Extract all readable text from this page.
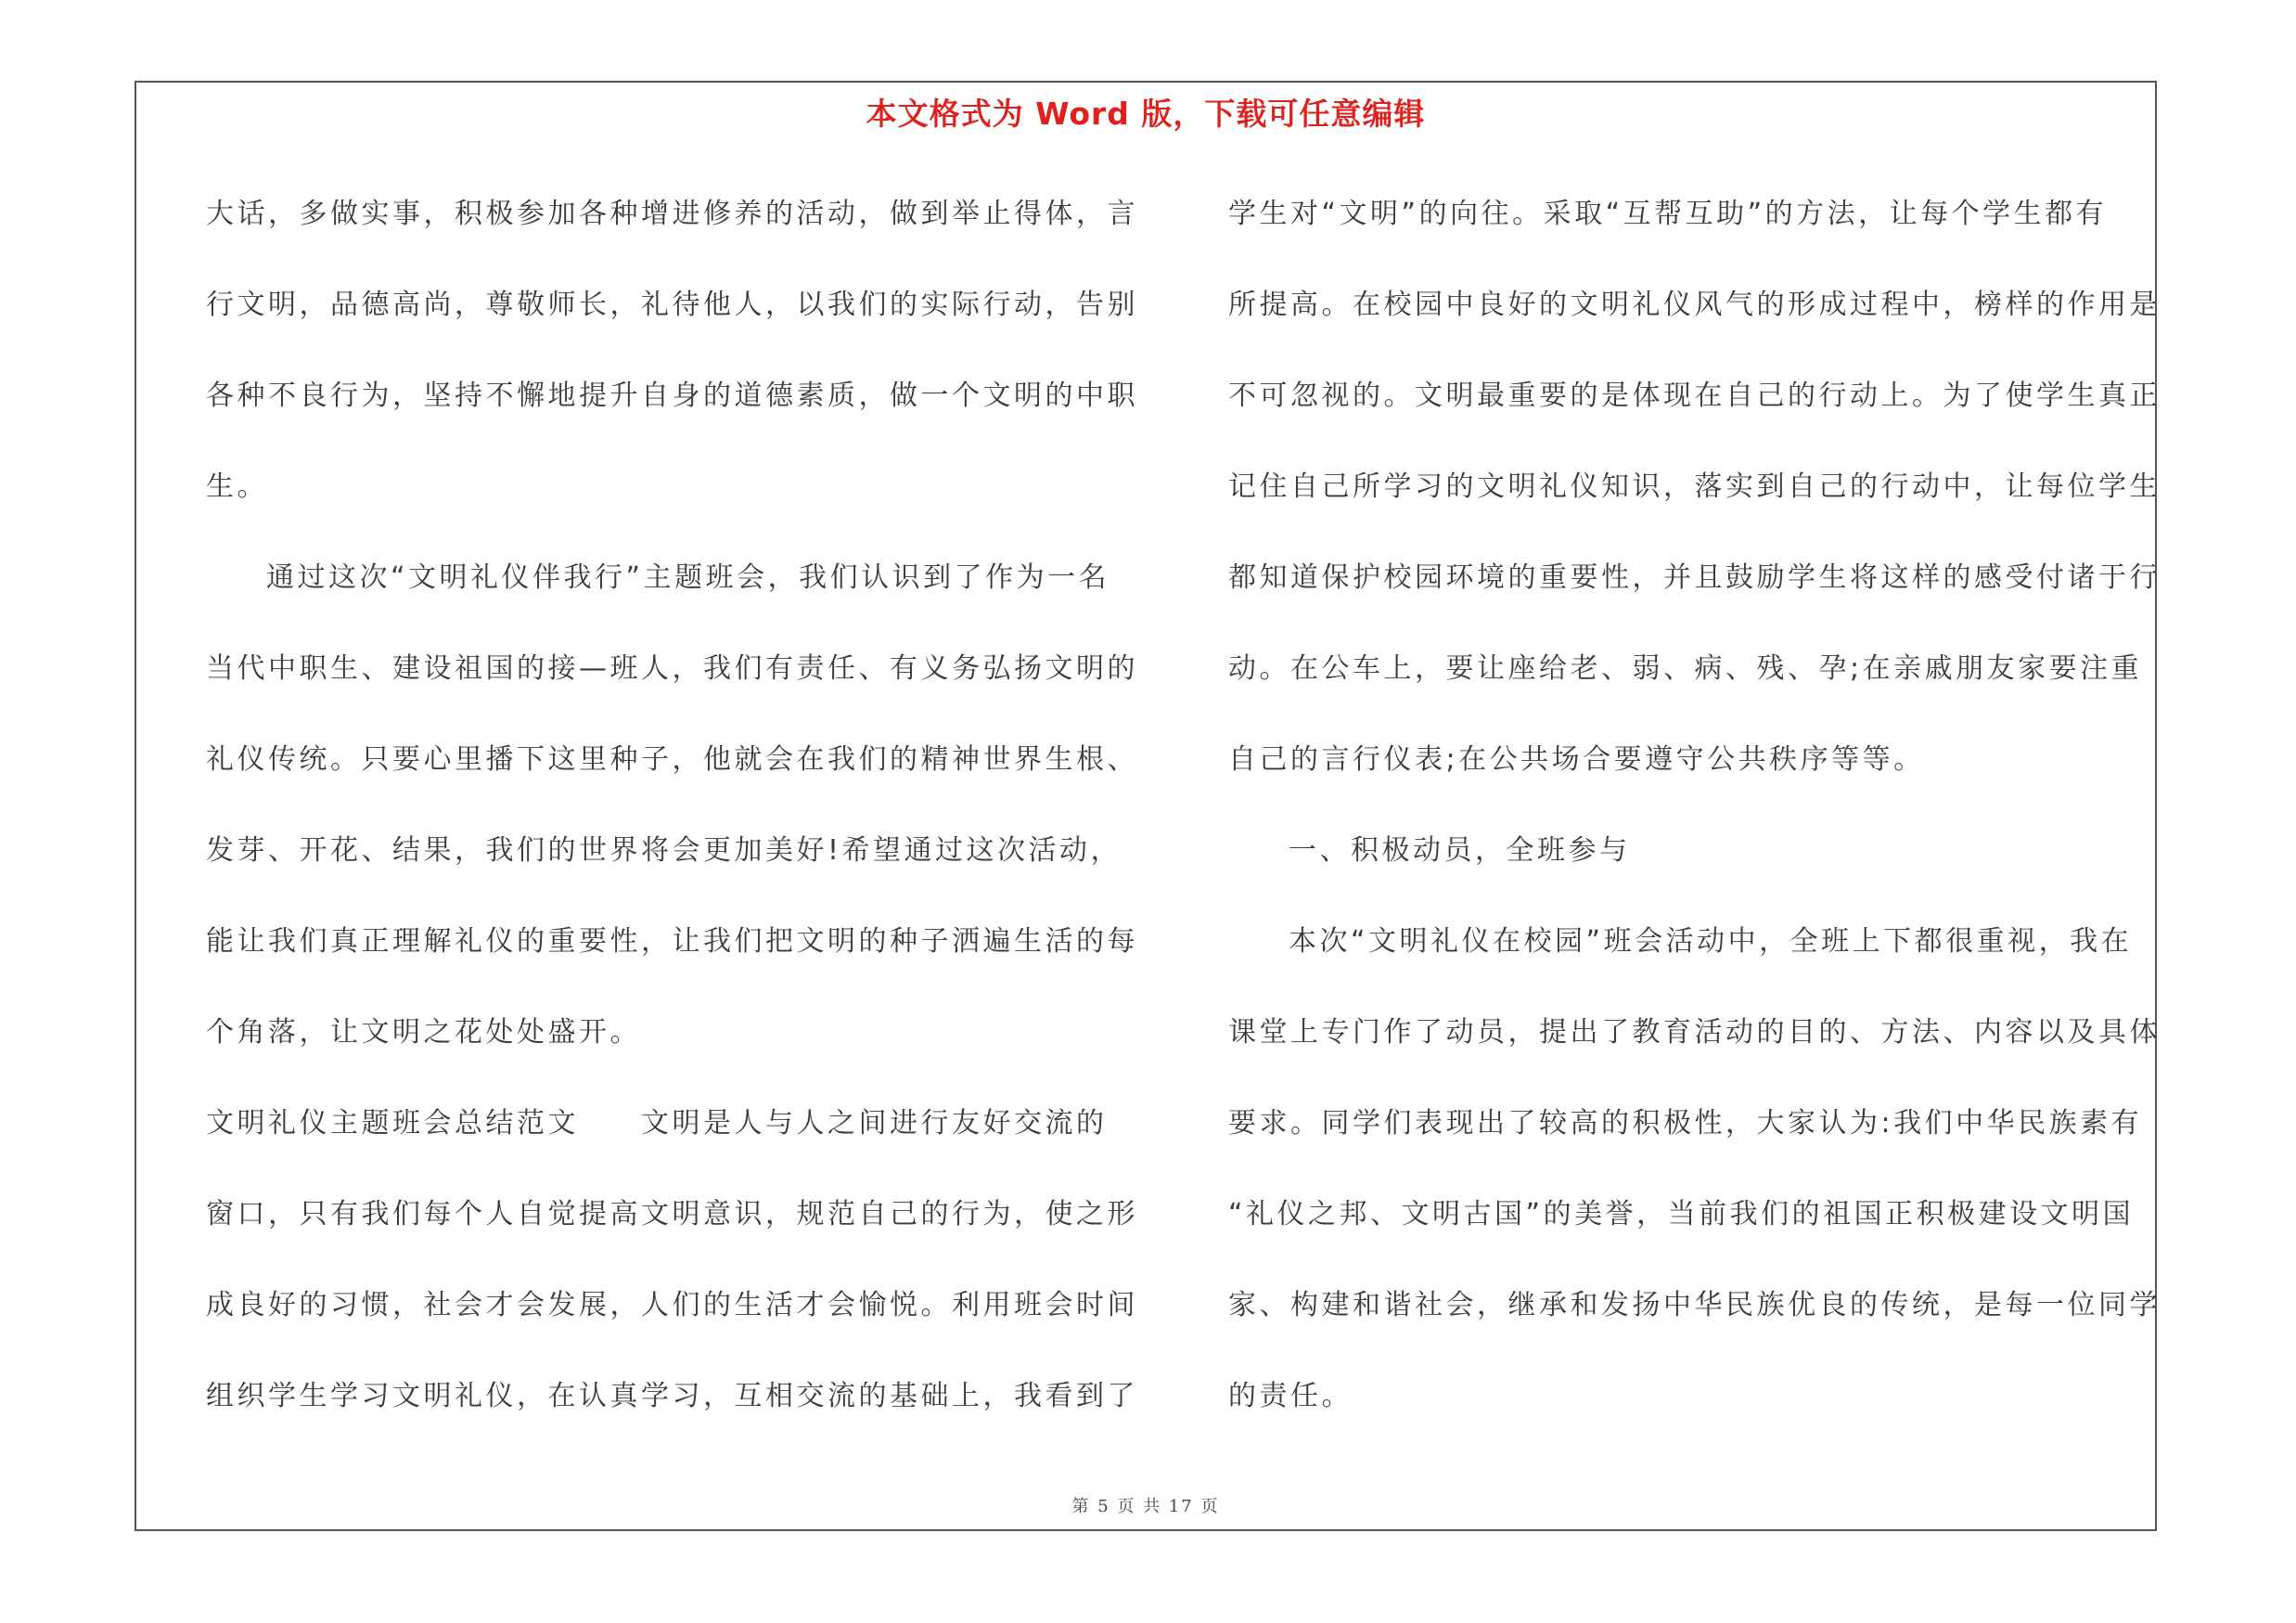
本文格式为 Word 版，下载可任意编辑
大话，多做实事，积极参加各种增进修养的活动，做到举止得体，言
行文明，品德高尚，尊敬师长，礼待他人，以我们的实际行动，告别
各种不良行为，坚持不懈地提升自身的道德素质，做一个文明的中职
生。
通过这次“文明礼仪伴我行”主题班会，我们认识到了作为一名
当代中职生、建设祖国的接—班人，我们有责任、有义务弘扬文明的
礼仪传统。只要心里播下这里种子，他就会在我们的精神世界生根、
发芽、开花、结果，我们的世界将会更加美好!希望通过这次活动，
能让我们真正理解礼仪的重要性，让我们把文明的种子洒遍生活的每
个角落，让文明之花处处盛开。
文明礼仪主题班会总结范文　　文明是人与人之间进行友好交流的
窗口，只有我们每个人自觉提高文明意识，规范自己的行为，使之形
成良好的习惯，社会才会发展，人们的生活才会愉悦。利用班会时间
组织学生学习文明礼仪，在认真学习，互相交流的基础上，我看到了
学生对“文明”的向往。采取“互帮互助”的方法，让每个学生都有
所提高。在校园中良好的文明礼仪风气的形成过程中，榜样的作用是
不可忽视的。文明最重要的是体现在自己的行动上。为了使学生真正
记住自己所学习的文明礼仪知识，落实到自己的行动中，让每位学生
都知道保护校园环境的重要性，并且鼓励学生将这样的感受付诸于行
动。在公车上，要让座给老、弱、病、残、孕;在亲戚朋友家要注重
自己的言行仪表;在公共场合要遵守公共秩序等等。
一、积极动员，全班参与
本次“文明礼仪在校园”班会活动中，全班上下都很重视，我在
课堂上专门作了动员，提出了教育活动的目的、方法、内容以及具体
要求。同学们表现出了较高的积极性，大家认为:我们中华民族素有
“礼仪之邦、文明古国”的美誉，当前我们的祖国正积极建设文明国
家、构建和谐社会，继承和发扬中华民族优良的传统，是每一位同学
的责任。
第 5 页 共 17 页
